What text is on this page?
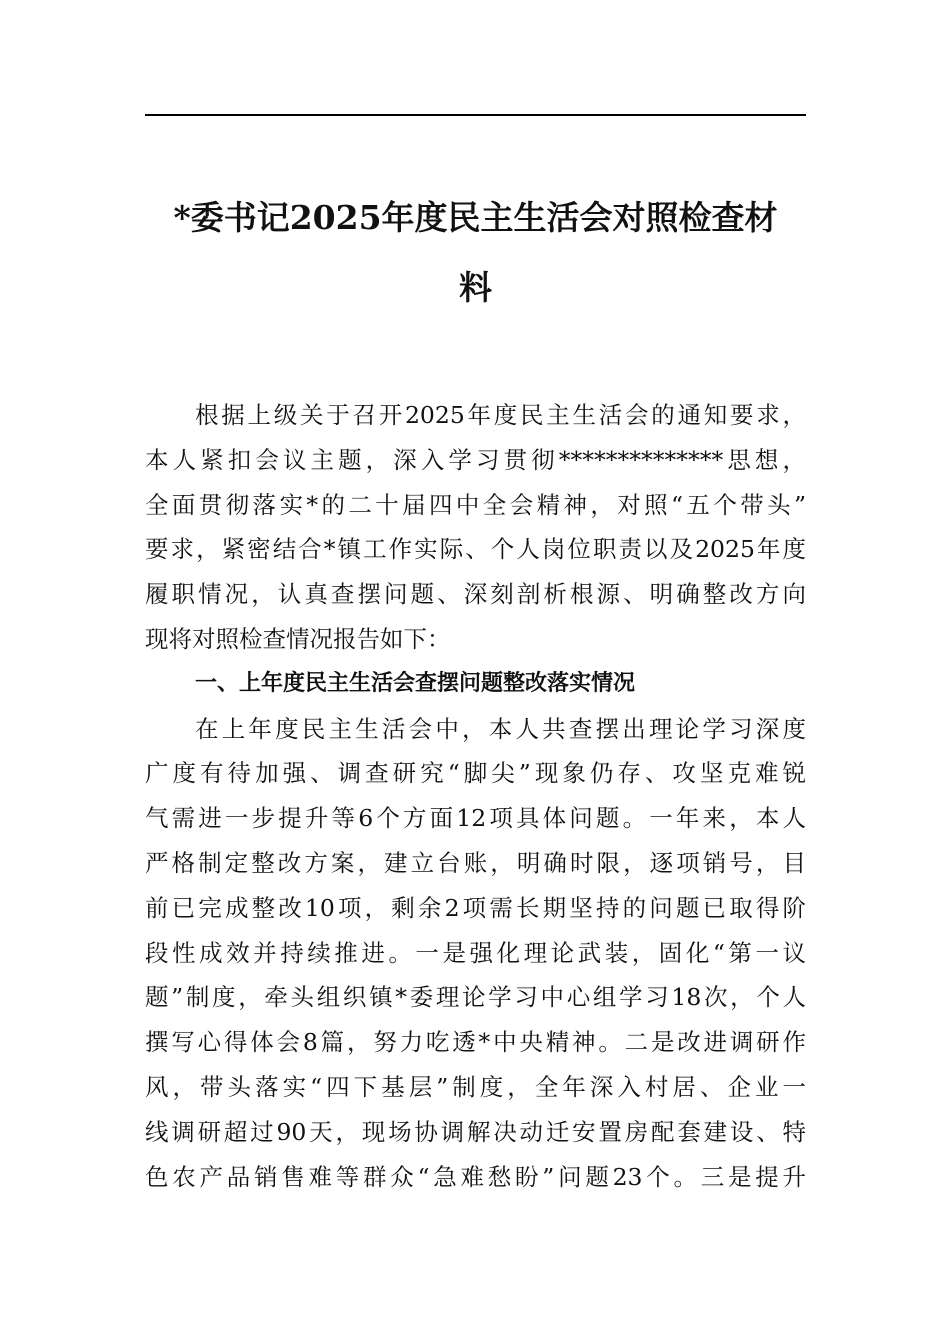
*委书记2025年度民主生活会对照检查材
料
根据上级关于召开2025年度民主生活会的通知要求，
本人紧扣会议主题，深入学习贯彻**************思想，
全面贯彻落实*的二十届四中全会精神，对照“五个带头”
要求，紧密结合*镇工作实际、个人岗位职责以及2025年度
履职情况，认真查摆问题、深刻剖析根源、明确整改方向
现将对照检查情况报告如下：
一、上年度民主生活会查摆问题整改落实情况
在上年度民主生活会中，本人共查摆出理论学习深度
广度有待加强、调查研究“脚尖”现象仍存、攻坚克难锐
气需进一步提升等6个方面12项具体问题。一年来，本人
严格制定整改方案，建立台账，明确时限，逐项销号，目
前已完成整改10项，剩余2项需长期坚持的问题已取得阶
段性成效并持续推进。一是强化理论武装，固化“第一议
题”制度，牵头组织镇*委理论学习中心组学习18次，个人
撰写心得体会8篇，努力吃透*中央精神。二是改进调研作
风，带头落实“四下基层”制度，全年深入村居、企业一
线调研超过90天，现场协调解决动迁安置房配套建设、特
色农产品销售难等群众“急难愁盼”问题23个。三是提升
